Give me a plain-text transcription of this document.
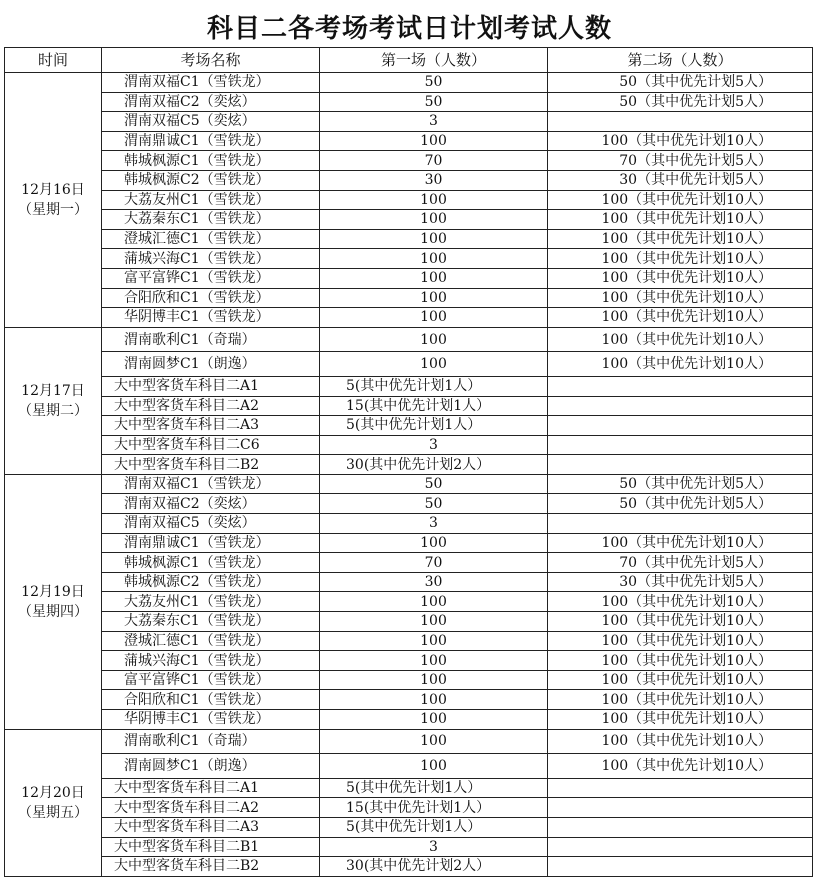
科目二各考场考试日计划考试人数
时间	考场名称	第一场（人数）	第二场（人数）

12月16日
（星期一）	渭南双福C1（雪铁龙）	50	50（其中优先计划5人）
	渭南双福C2（奕炫）	50	50（其中优先计划5人）
	渭南双福C5（奕炫）	3	
	渭南鼎诚C1（雪铁龙）	100	100（其中优先计划10人）
	韩城枫源C1（雪铁龙）	70	70（其中优先计划5人）
	韩城枫源C2（雪铁龙）	30	30（其中优先计划5人）
	大荔友州C1（雪铁龙）	100	100（其中优先计划10人）
	大荔秦东C1（雪铁龙）	100	100（其中优先计划10人）
	澄城汇德C1（雪铁龙）	100	100（其中优先计划10人）
	蒲城兴海C1（雪铁龙）	100	100（其中优先计划10人）
	富平富铧C1（雪铁龙）	100	100（其中优先计划10人）
	合阳欣和C1（雪铁龙）	100	100（其中优先计划10人）
	华阴博丰C1（雪铁龙）	100	100（其中优先计划10人）

12月17日
（星期二）	渭南歌利C1（奇瑞）	100	100（其中优先计划10人）
	渭南圆梦C1（朗逸）	100	100（其中优先计划10人）
	大中型客货车科目二A1	5(其中优先计划1人）	
	大中型客货车科目二A2	15(其中优先计划1人）	
	大中型客货车科目二A3	5(其中优先计划1人）	
	大中型客货车科目二C6	3	
	大中型客货车科目二B2	30(其中优先计划2人）	

12月19日
（星期四）	渭南双福C1（雪铁龙）	50	50（其中优先计划5人）
	渭南双福C2（奕炫）	50	50（其中优先计划5人）
	渭南双福C5（奕炫）	3	
	渭南鼎诚C1（雪铁龙）	100	100（其中优先计划10人）
	韩城枫源C1（雪铁龙）	70	70（其中优先计划5人）
	韩城枫源C2（雪铁龙）	30	30（其中优先计划5人）
	大荔友州C1（雪铁龙）	100	100（其中优先计划10人）
	大荔秦东C1（雪铁龙）	100	100（其中优先计划10人）
	澄城汇德C1（雪铁龙）	100	100（其中优先计划10人）
	蒲城兴海C1（雪铁龙）	100	100（其中优先计划10人）
	富平富铧C1（雪铁龙）	100	100（其中优先计划10人）
	合阳欣和C1（雪铁龙）	100	100（其中优先计划10人）
	华阴博丰C1（雪铁龙）	100	100（其中优先计划10人）

12月20日
（星期五）	渭南歌利C1（奇瑞）	100	100（其中优先计划10人）
	渭南圆梦C1（朗逸）	100	100（其中优先计划10人）
	大中型客货车科目二A1	5(其中优先计划1人）	
	大中型客货车科目二A2	15(其中优先计划1人）	
	大中型客货车科目二A3	5(其中优先计划1人）	
	大中型客货车科目二B1	3	
	大中型客货车科目二B2	30(其中优先计划2人）	
